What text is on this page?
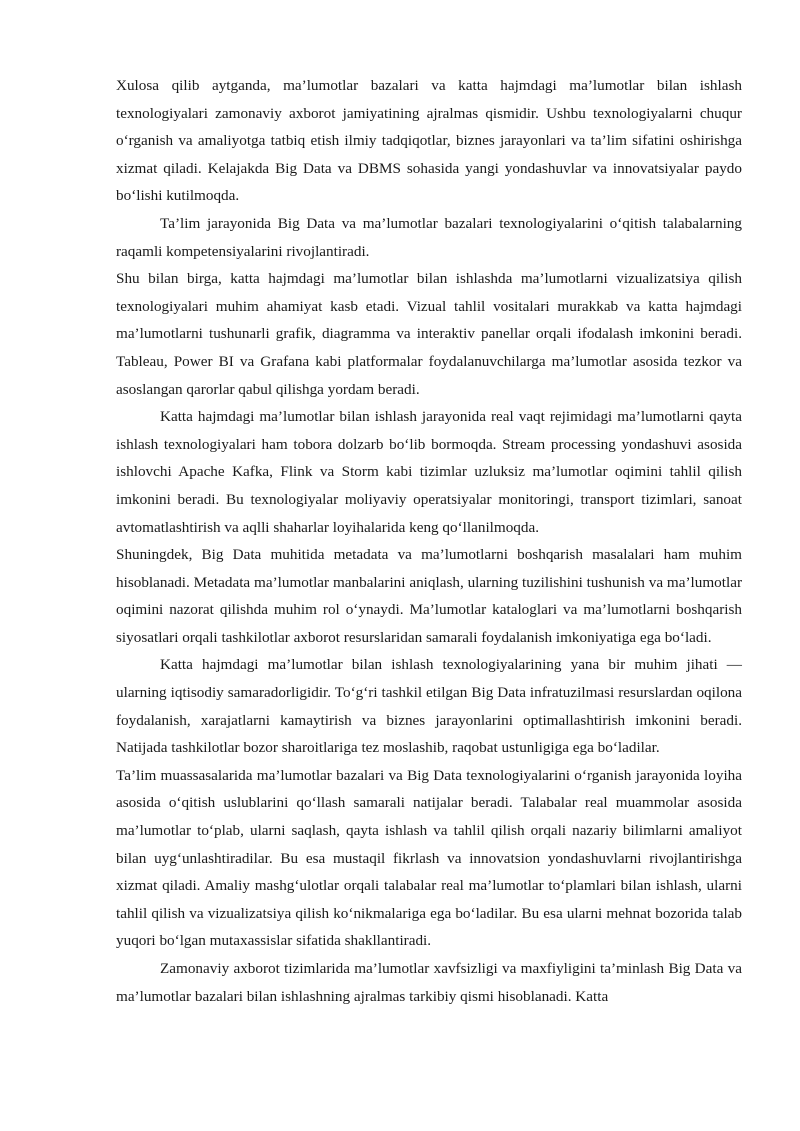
Xulosa qilib aytganda, ma’lumotlar bazalari va katta hajmdagi ma’lumotlar bilan ishlash texnologiyalari zamonaviy axborot jamiyatining ajralmas qismidir. Ushbu texnologiyalarni chuqur o‘rganish va amaliyotga tatbiq etish ilmiy tadqiqotlar, biznes jarayonlari va ta’lim sifatini oshirishga xizmat qiladi. Kelajakda Big Data va DBMS sohasida yangi yondashuvlar va innovatsiyalar paydo bo‘lishi kutilmoqda.

Ta’lim jarayonida Big Data va ma’lumotlar bazalari texnologiyalarini o‘qitish talabalarning raqamli kompetensiyalarini rivojlantiradi.

Shu bilan birga, katta hajmdagi ma’lumotlar bilan ishlashda ma’lumotlarni vizualizatsiya qilish texnologiyalari muhim ahamiyat kasb etadi. Vizual tahlil vositalari murakkab va katta hajmdagi ma’lumotlarni tushunarli grafik, diagramma va interaktiv panellar orqali ifodalash imkonini beradi. Tableau, Power BI va Grafana kabi platformalar foydalanuvchilarga ma’lumotlar asosida tezkor va asoslangan qarorlar qabul qilishga yordam beradi.

Katta hajmdagi ma’lumotlar bilan ishlash jarayonida real vaqt rejimidagi ma’lumotlarni qayta ishlash texnologiyalari ham tobora dolzarb bo‘lib bormoqda. Stream processing yondashuvi asosida ishlovchi Apache Kafka, Flink va Storm kabi tizimlar uzluksiz ma’lumotlar oqimini tahlil qilish imkonini beradi. Bu texnologiyalar moliyaviy operatsiyalar monitoringi, transport tizimlari, sanoat avtomatlashtirish va aqlli shaharlar loyihalarida keng qo‘llanilmoqda.

Shuningdek, Big Data muhitida metadata va ma’lumotlarni boshqarish masalalari ham muhim hisoblanadi. Metadata ma’lumotlar manbalarini aniqlash, ularning tuzilishini tushunish va ma’lumotlar oqimini nazorat qilishda muhim rol o‘ynaydi. Ma’lumotlar kataloglari va ma’lumotlarni boshqarish siyosatlari orqali tashkilotlar axborot resurslaridan samarali foydalanish imkoniyatiga ega bo‘ladi.

Katta hajmdagi ma’lumotlar bilan ishlash texnologiyalarining yana bir muhim jihati — ularning iqtisodiy samaradorligidir. To‘g‘ri tashkil etilgan Big Data infratuzilmasi resurslardan oqilona foydalanish, xarajatlarni kamaytirish va biznes jarayonlarini optimallashtirish imkonini beradi. Natijada tashkilotlar bozor sharoitlariga tez moslashib, raqobat ustunligiga ega bo‘ladilar.

Ta’lim muassasalarida ma’lumotlar bazalari va Big Data texnologiyalarini o‘rganish jarayonida loyiha asosida o‘qitish uslublarini qo‘llash samarali natijalar beradi. Talabalar real muammolar asosida ma’lumotlar to‘plab, ularni saqlash, qayta ishlash va tahlil qilish orqali nazariy bilimlarni amaliyot bilan uyg‘unlashtiradilar. Bu esa mustaqil fikrlash va innovatsion yondashuvlarni rivojlantirishga xizmat qiladi. Amaliy mashg‘ulotlar orqali talabalar real ma’lumotlar to‘plamlari bilan ishlash, ularni tahlil qilish va vizualizatsiya qilish ko‘nikmalariga ega bo‘ladilar. Bu esa ularni mehnat bozorida talab yuqori bo‘lgan mutaxassislar sifatida shakllantiradi.

Zamonaviy axborot tizimlarida ma’lumotlar xavfsizligi va maxfiyligini ta’minlash Big Data va ma’lumotlar bazalari bilan ishlashning ajralmas tarkibiy qismi hisoblanadi. Katta
